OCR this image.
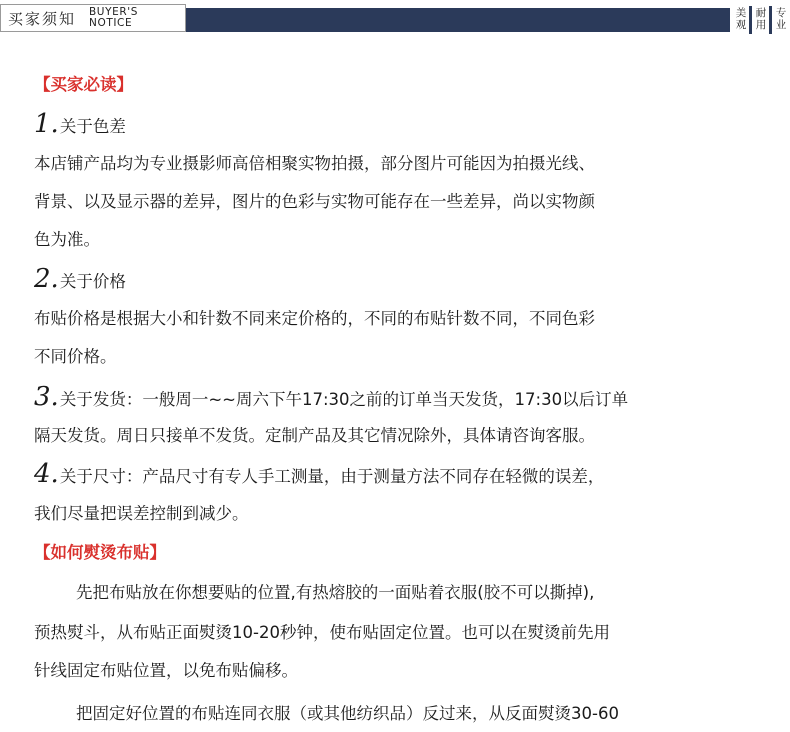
买家须知 BUYER'S
NOTICE
美
观
耐
用
专
业
【买家必读】
1.关于色差
本店铺产品均为专业摄影师高倍相聚实物拍摄，部分图片可能因为拍摄光线、
背景、以及显示器的差异，图片的色彩与实物可能存在一些差异，尚以实物颜
色为准。
2.关于价格
布贴价格是根据大小和针数不同来定价格的，不同的布贴针数不同，不同色彩
不同价格。
3.关于发货：一般周一~~周六下午17:30之前的订单当天发货，17:30以后订单
隔天发货。周日只接单不发货。定制产品及其它情况除外，具体请咨询客服。
4.关于尺寸：产品尺寸有专人手工测量，由于测量方法不同存在轻微的误差，
我们尽量把误差控制到减少。
【如何熨烫布贴】
先把布贴放在你想要贴的位置,有热熔胶的一面贴着衣服(胶不可以撕掉),
预热熨斗，从布贴正面熨烫10-20秒钟，使布贴固定位置。也可以在熨烫前先用
针线固定布贴位置，以免布贴偏移。
把固定好位置的布贴连同衣服（或其他纺织品）反过来，从反面熨烫30-60
